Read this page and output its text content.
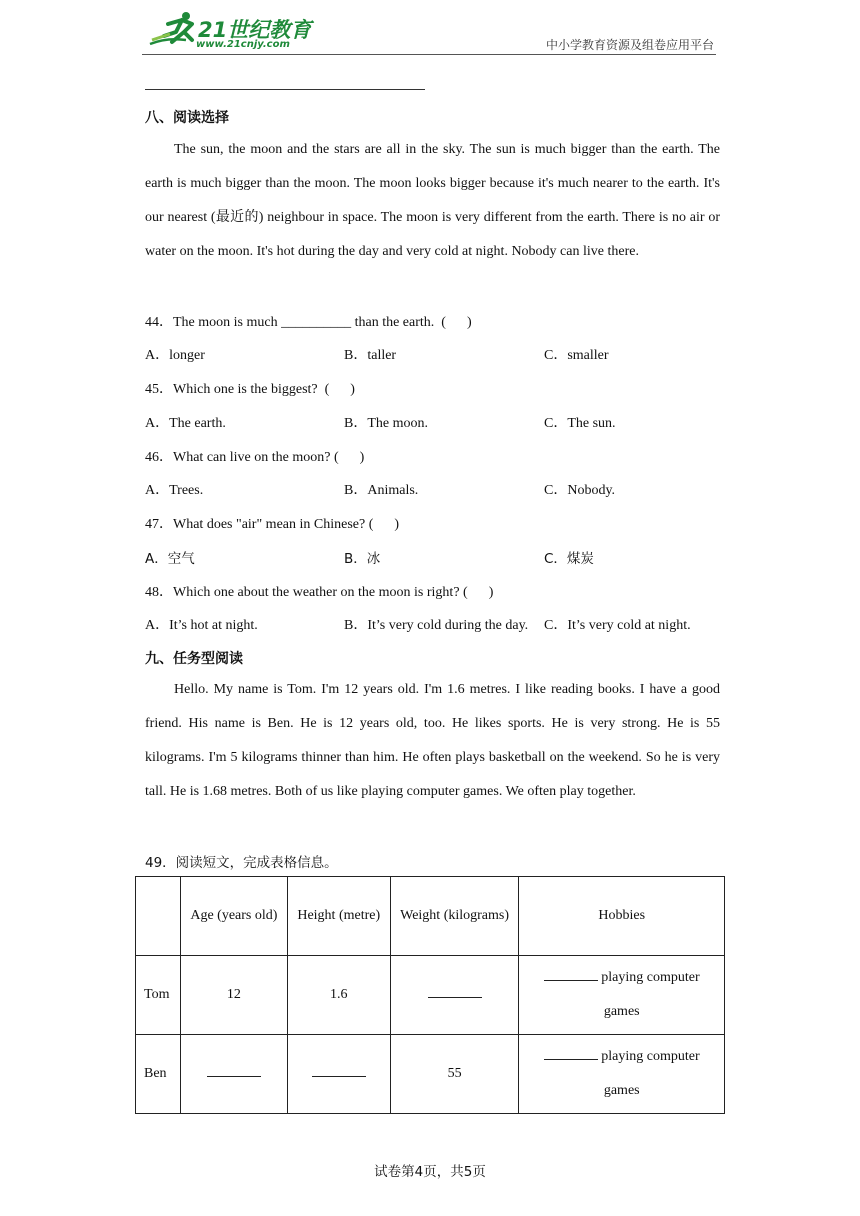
21世纪教育
www.21cnjy.com	中小学教育资源及组卷应用平台
八、阅读选择

The sun, the moon and the stars are all in the sky. The sun is much bigger than the earth. The earth is much bigger than the moon. The moon looks bigger because it's much nearer to the earth. It's our nearest (最近的) neighbour in space. The moon is very different from the earth. There is no air or water on the moon. It's hot during the day and very cold at night. Nobody can live there.

44．The moon is much __________ than the earth.  (      )
A．longer	B．taller	C．smaller
45．Which one is the biggest?  (      )
A．The earth.	B．The moon.	C．The sun.
46．What can live on the moon? (      )
A．Trees.	B．Animals.	C．Nobody.
47．What does "air" mean in Chinese? (      )
A．空气	B．冰	C．煤炭
48．Which one about the weather on the moon is right? (      )
A．It’s hot at night.	B．It’s very cold during the day. C．It’s very cold at night.
九、任务型阅读

Hello. My name is Tom. I'm 12 years old. I'm 1.6 metres. I like reading books. I have a good friend. His name is Ben. He is 12 years old, too. He likes sports. He is very strong. He is 55 kilograms. I'm 5 kilograms thinner than him. He often plays basketball on the weekend. So he is very tall. He is 1.68 metres. Both of us like playing computer games. We often play together.

49．阅读短文，完成表格信息。
	Age (years old)	Height (metre)	Weight (kilograms)	Hobbies
Tom	12	1.6		playing computer games
Ben			55	playing computer games
试卷第4页，共5页
